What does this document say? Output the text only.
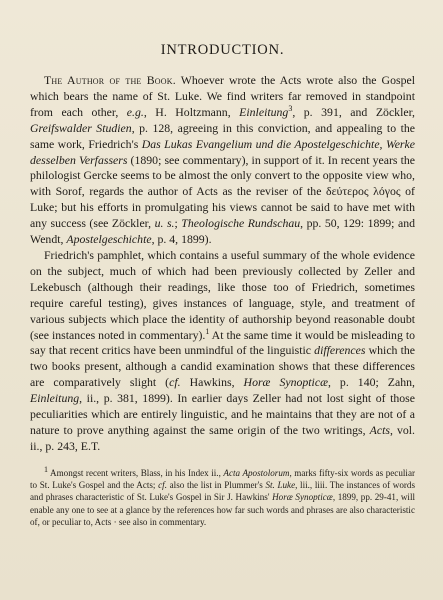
INTRODUCTION.

The Author of the Book. Whoever wrote the Acts wrote also the Gospel which bears the name of St. Luke. We find writers far removed in standpoint from each other, e.g., H. Holtzmann, Einleitung$^3$, p. 391, and Zöckler, Greifswalder Studien, p. 128, agreeing in this conviction, and appealing to the same work, Friedrich's Das Lukas Evangelium und die Apostelgeschichte, Werke desselben Verfassers (1890; see commentary), in support of it. In recent years the philologist Gercke seems to be almost the only convert to the opposite view who, with Sorof, regards the author of Acts as the reviser of the δεύτερος λόγος of Luke; but his efforts in promulgating his views cannot be said to have met with any success (see Zöckler, u. s.; Theologische Rundschau, pp. 50, 129: 1899; and Wendt, Apostelgeschichte, p. 4, 1899).

Friedrich's pamphlet, which contains a useful summary of the whole evidence on the subject, much of which had been previously collected by Zeller and Lekebusch (although their readings, like those too of Friedrich, sometimes require careful testing), gives instances of language, style, and treatment of various subjects which place the identity of authorship beyond reasonable doubt (see instances noted in commentary).$^1$ At the same time it would be misleading to say that recent critics have been unmindful of the linguistic differences which the two books present, although a candid examination shows that these differences are comparatively slight (cf. Hawkins, Horæ Synopticæ, p. 140; Zahn, Einleitung, ii., p. 381, 1899). In earlier days Zeller had not lost sight of those peculiarities which are entirely linguistic, and he maintains that they are not of a nature to prove anything against the same origin of the two writings, Acts, vol. ii., p. 243, E.T.

$^1$ Amongst recent writers, Blass, in his Index ii., Acta Apostolorum, marks fifty-six words as peculiar to St. Luke's Gospel and the Acts; cf. also the list in Plummer's St. Luke, lii., liii. The instances of words and phrases characteristic of St. Luke's Gospel in Sir J. Hawkins' Horæ Synopticæ, 1899, pp. 29-41, will enable any one to see at a glance by the references how far such words and phrases are also characteristic of, or peculiar to, Acts · see also in commentary.
